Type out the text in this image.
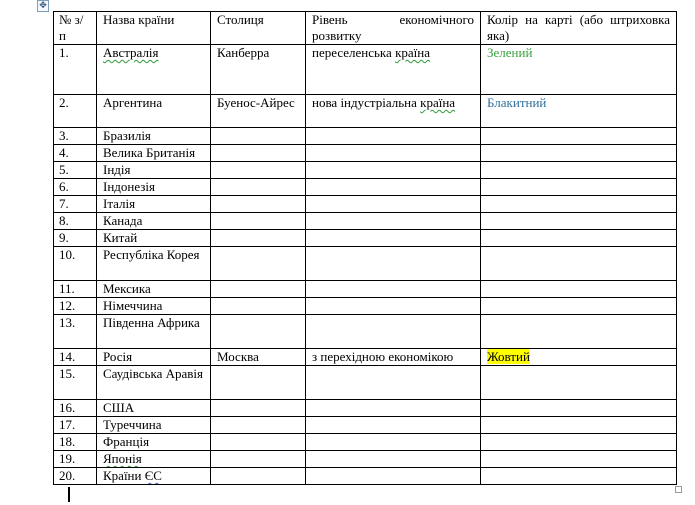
✥
№ з/п	Назва країни	Столиця	Рівень економічного розвитку	Колір на карті (або штриховка яка)
1.	Австралія	Канберра	переселенська країна	Зелений
2.	Аргентина	Буенос-Айрес	нова індустріальна країна	Блакитний
3.	Бразилія			
4.	Велика Британія			
5.	Індія			
6.	Індонезія			
7.	Італія			
8.	Канада			
9.	Китай			
10.	Республіка Корея			
11.	Мексика			
12.	Німеччина			
13.	Південна Африка			
14.	Росія	Москва	з перехідною економікою	Жовтий
15.	Саудівська Аравія			
16.	США			
17.	Туреччина			
18.	Франція			
19.	Японія			
20.	Країни ЄС			
